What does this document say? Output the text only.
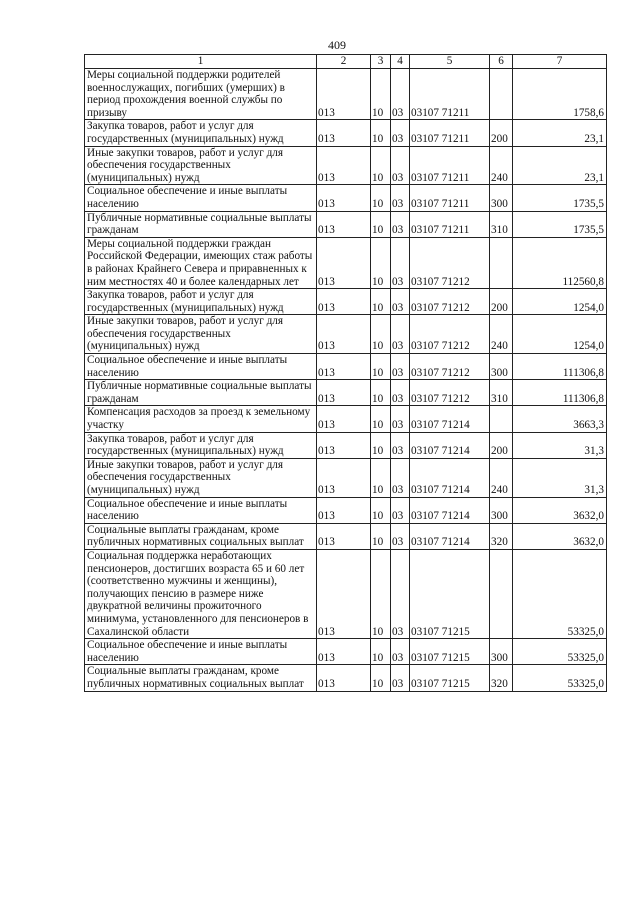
409
‾	1	2	3	4	5	6	7
Меры социальной поддержки родителей военнослужащих, погибших (умерших) в период прохождения военной службы по призыву	013	10	03	03107 71211		1758,6
Закупка товаров, работ и услуг для государственных (муниципальных) нужд	013	10	03	03107 71211	200	23,1
Иные закупки товаров, работ и услуг для обеспечения государственных (муниципальных) нужд	013	10	03	03107 71211	240	23,1
Социальное обеспечение и иные выплаты населению	013	10	03	03107 71211	300	1735,5
Публичные нормативные социальные выплаты гражданам	013	10	03	03107 71211	310	1735,5
Меры социальной поддержки граждан Российской Федерации, имеющих стаж работы в районах Крайнего Севера и приравненных к ним местностях 40 и более календарных лет	013	10	03	03107 71212		112560,8
Закупка товаров, работ и услуг для государственных (муниципальных) нужд	013	10	03	03107 71212	200	1254,0
Иные закупки товаров, работ и услуг для обеспечения государственных (муниципальных) нужд	013	10	03	03107 71212	240	1254,0
Социальное обеспечение и иные выплаты населению	013	10	03	03107 71212	300	111306,8
Публичные нормативные социальные выплаты гражданам	013	10	03	03107 71212	310	111306,8
Компенсация расходов за проезд к земельному участку	013	10	03	03107 71214		3663,3
Закупка товаров, работ и услуг для государственных (муниципальных) нужд	013	10	03	03107 71214	200	31,3
Иные закупки товаров, работ и услуг для обеспечения государственных (муниципальных) нужд	013	10	03	03107 71214	240	31,3
Социальное обеспечение и иные выплаты населению	013	10	03	03107 71214	300	3632,0
Социальные выплаты гражданам, кроме публичных нормативных социальных выплат	013	10	03	03107 71214	320	3632,0
Социальная поддержка неработающих пенсионеров, достигших возраста 65 и 60 лет (соответственно мужчины и женщины), получающих пенсию в размере ниже двукратной величины прожиточного минимума, установленного для пенсионеров в Сахалинской области	013	10	03	03107 71215		53325,0
Социальное обеспечение и иные выплаты населению	013	10	03	03107 71215	300	53325,0
Социальные выплаты гражданам, кроме публичных нормативных социальных выплат	013	10	03	03107 71215	320	53325,0
